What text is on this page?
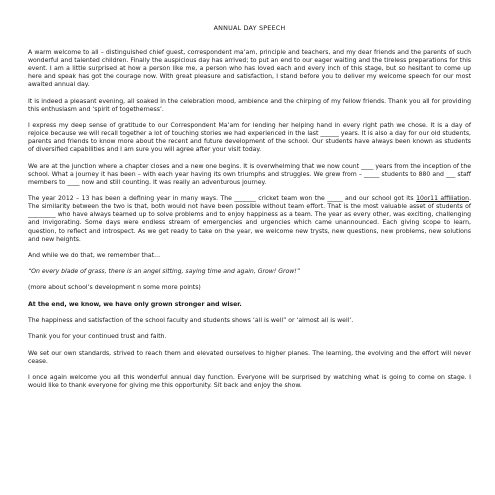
ANNUAL DAY SPEECH

A warm welcome to all – distinguished chief guest, correspondent ma’am, principle and teachers, and my dear friends and the parents of such wonderful and talented children. Finally the auspicious day has arrived; to put an end to our eager waiting and the tireless preparations for this event. I am a little surprised at how a person like me, a person who has loved each and every inch of this stage, but so hesitant to come up here and speak has got the courage now. With great pleasure and satisfaction, I stand before you to deliver my welcome speech for our most awaited annual day.

It is indeed a pleasant evening, all soaked in the celebration mood, ambience and the chirping of my fellow friends. Thank you all for providing this enthusiasm and ‘spirit of togetherness’.

I express my deep sense of gratitude to our Correspondent Ma’am for lending her helping hand in every right path we chose. It is a day of rejoice because we will recall together a lot of touching stories we had experienced in the last ______ years. It is also a day for our old students, parents and friends to know more about the recent and future development of the school. Our students have always been known as students of diversified capabilities and I am sure you will agree after your visit today.

We are at the junction where a chapter closes and a new one begins. It is overwhelming that we now count ____ years from the inception of the school. What a journey it has been – with each year having its own triumphs and struggles. We grew from – _____ students to 880 and ___ staff members to ____ now and still counting. It was really an adventurous journey.

The year 2012 – 13 has been a defining year in many ways. The _______ cricket team won the _____ and our school got its 10or11 affiliation. The similarity between the two is that, both would not have been possible without team effort. That is the most valuable asset of students of _________ who have always teamed up to solve problems and to enjoy happiness as a team. The year as every other, was exciting, challenging and invigorating. Some days were endless stream of emergencies and urgencies which came unannounced. Each giving scope to learn, question, to reflect and introspect. As we get ready to take on the year, we welcome new trysts, new questions, new problems, new solutions and new heights.

And while we do that, we remember that…

“On every blade of grass, there is an angel sitting, saying time and again, Grow! Grow!”

(more about school’s development n some more points)

At the end, we know, we have only grown stronger and wiser.

The happiness and satisfaction of the school faculty and students shows ‘all is well” or ‘almost all is well’.

Thank you for your continued trust and faith.

We set our own standards, strived to reach them and elevated ourselves to higher planes. The learning, the evolving and the effort will never cease.

I once again welcome you all this wonderful annual day function. Everyone will be surprised by watching what is going to come on stage. I would like to thank everyone for giving me this opportunity. Sit back and enjoy the show.
